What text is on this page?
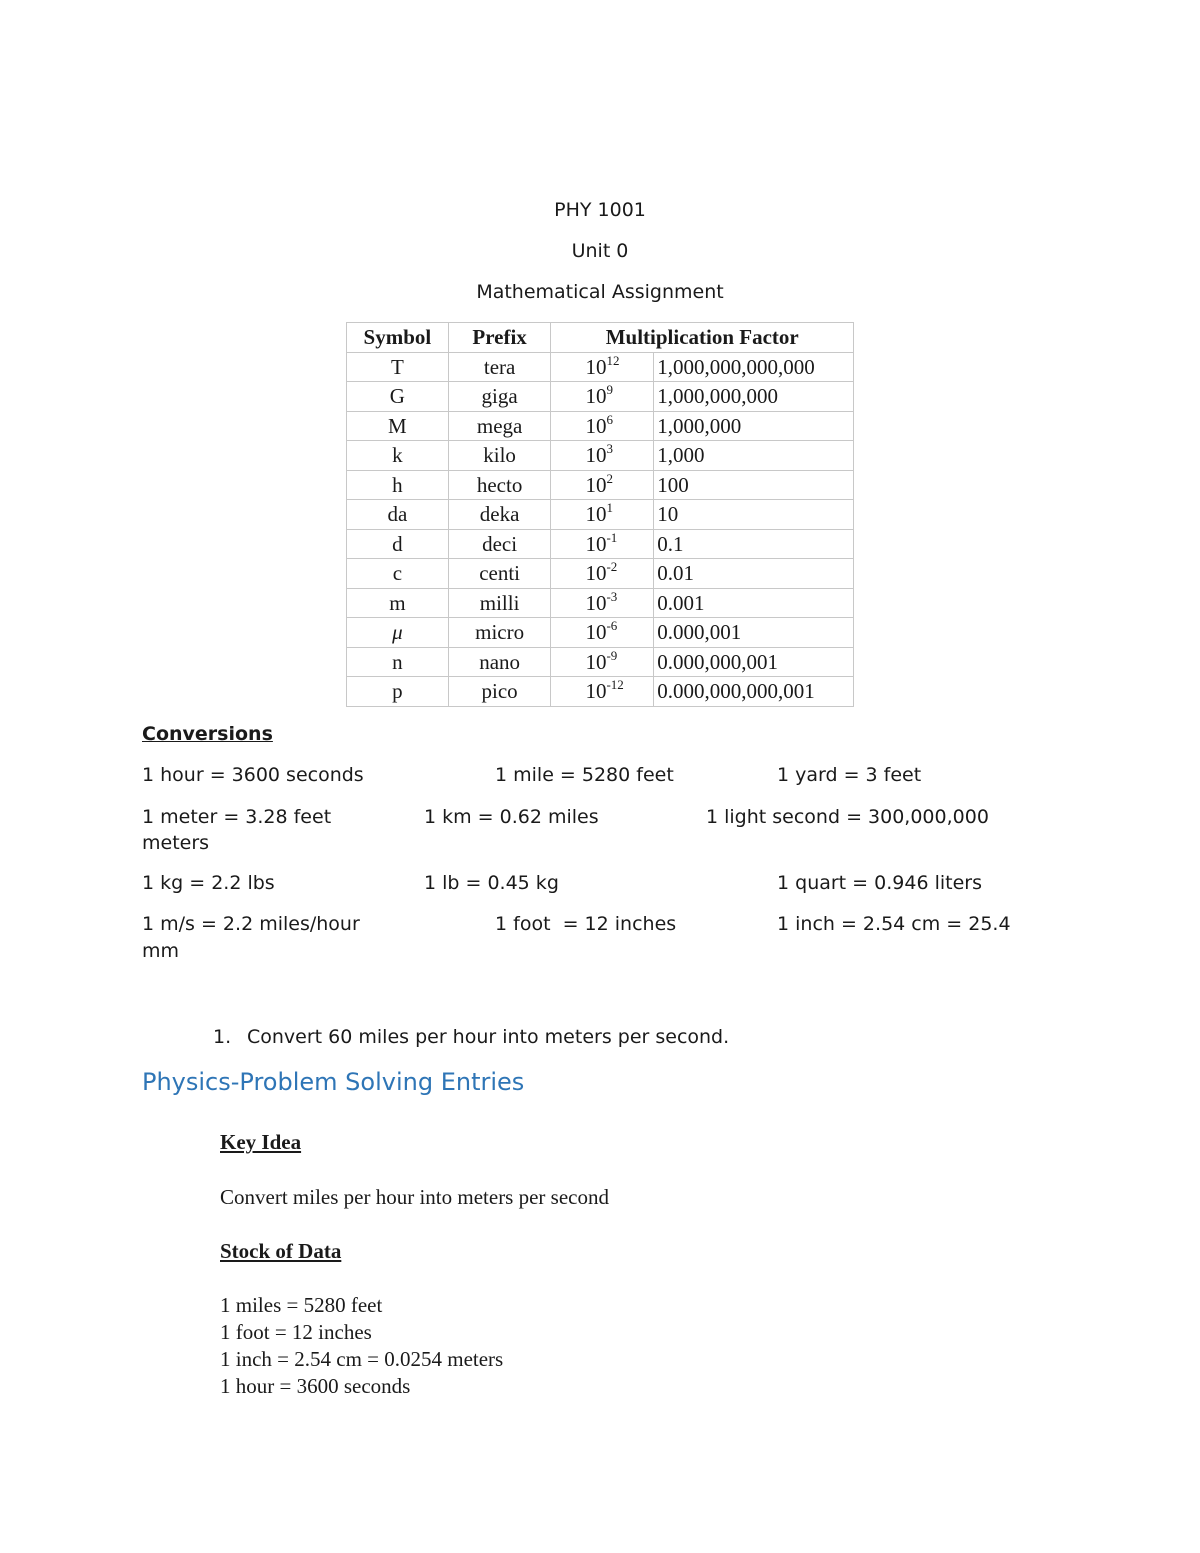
PHY 1001
Unit 0
Mathematical Assignment
Symbol	Prefix	Multiplication Factor	
T	tera	$10^{12}$	1,000,000,000,000
G	giga	$10^9$	1,000,000,000
M	mega	$10^6$	1,000,000
k	kilo	$10^3$	1,000
h	hecto	$10^2$	100
da	deka	$10^1$	10
d	deci	$10^{-1}$	0.1
c	centi	$10^{-2}$	0.01
m	milli	$10^{-3}$	0.001
μ	micro	$10^{-6}$	0.000,001
n	nano	$10^{-9}$	0.000,000,001
p	pico	$10^{-12}$	0.000,000,000,001
Conversions
1 hour = 3600 seconds	1 mile = 5280 feet	1 yard = 3 feet
1 meter = 3.28 feet	1 km = 0.62 miles	1 light second = 300,000,000
meters
1 kg = 2.2 lbs	1 lb = 0.45 kg	1 quart = 0.946 liters
1 m/s = 2.2 miles/hour	1 foot  = 12 inches	1 inch = 2.54 cm = 25.4
mm
1. Convert 60 miles per hour into meters per second.
Physics-Problem Solving Entries
Key Idea
Convert miles per hour into meters per second
Stock of Data
1 miles = 5280 feet
1 foot = 12 inches
1 inch = 2.54 cm = 0.0254 meters
1 hour = 3600 seconds
